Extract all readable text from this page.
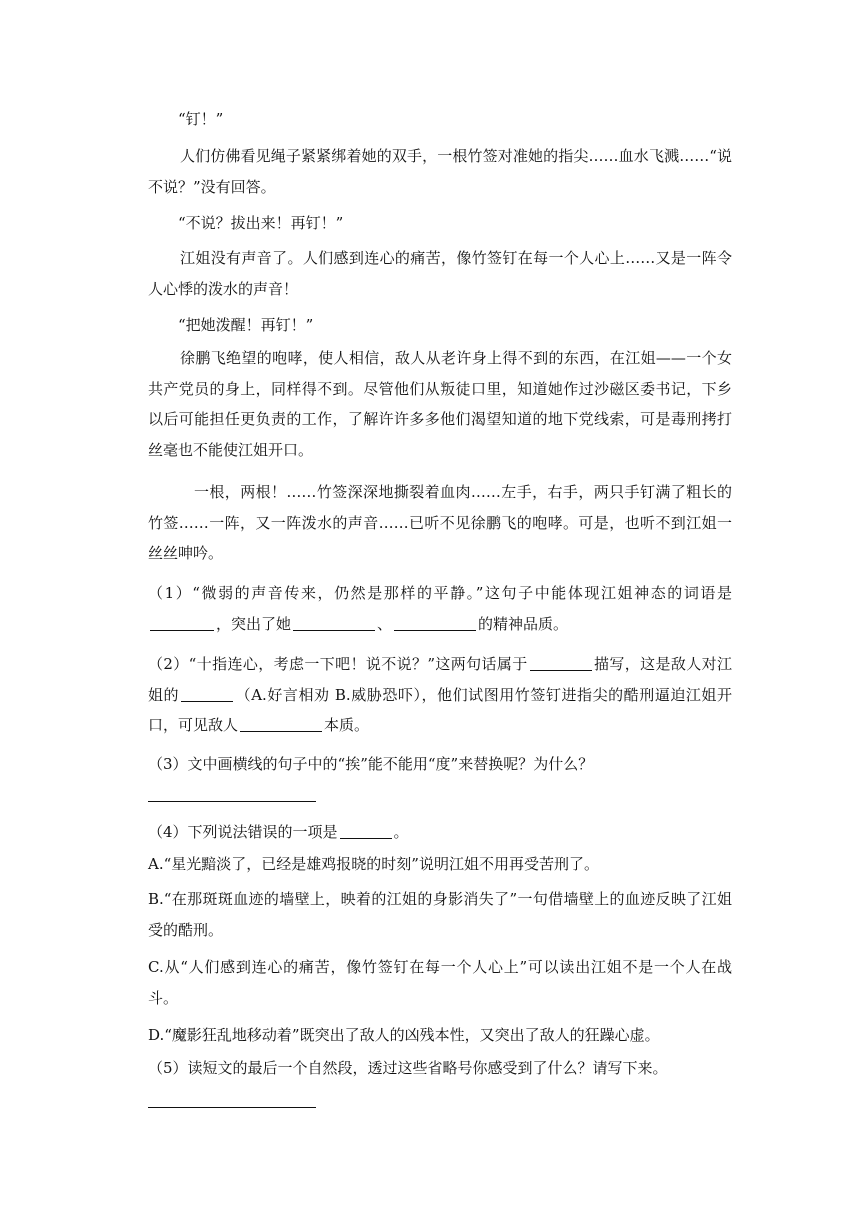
“钉！”

人们仿佛看见绳子紧紧绑着她的双手，一根竹签对准她的指尖……血水飞溅……“说不说？”没有回答。

“不说？拔出来！再钉！”

江姐没有声音了。人们感到连心的痛苦，像竹签钉在每一个人心上……又是一阵令人心悸的泼水的声音！

“把她泼醒！再钉！”

徐鹏飞绝望的咆哮，使人相信，敌人从老许身上得不到的东西，在江姐——一个女共产党员的身上，同样得不到。尽管他们从叛徒口里，知道她作过沙磁区委书记，下乡以后可能担任更负责的工作，了解许许多多他们渴望知道的地下党线索，可是毒刑拷打丝毫也不能使江姐开口。

一根，两根！……竹签深深地撕裂着血肉……左手，右手，两只手钉满了粗长的竹签……一阵，又一阵泼水的声音……已听不见徐鹏飞的咆哮。可是，也听不到江姐一丝丝呻吟。

（1）“微弱的声音传来，仍然是那样的平静。”这句子中能体现江姐神态的词语是，突出了她	、	的精神品质。

（2）“十指连心，考虑一下吧！说不说？”这两句话属于	描写，这是敌人对江姐的	（A.好言相劝 B.威胁恐吓），他们试图用竹签钉进指尖的酷刑逼迫江姐开口，可见敌人	本质。

（3）文中画横线的句子中的“挨”能不能用“度”来替换呢？为什么？

（4）下列说法错误的一项是	。

A.“星光黯淡了，已经是雄鸡报晓的时刻”说明江姐不用再受苦刑了。

B.“在那斑斑血迹的墙壁上，映着的江姐的身影消失了”一句借墙壁上的血迹反映了江姐受的酷刑。

C.从“人们感到连心的痛苦，像竹签钉在每一个人心上”可以读出江姐不是一个人在战斗。

D.“魔影狂乱地移动着”既突出了敌人的凶残本性，又突出了敌人的狂躁心虚。

（5）读短文的最后一个自然段，透过这些省略号你感受到了什么？请写下来。
